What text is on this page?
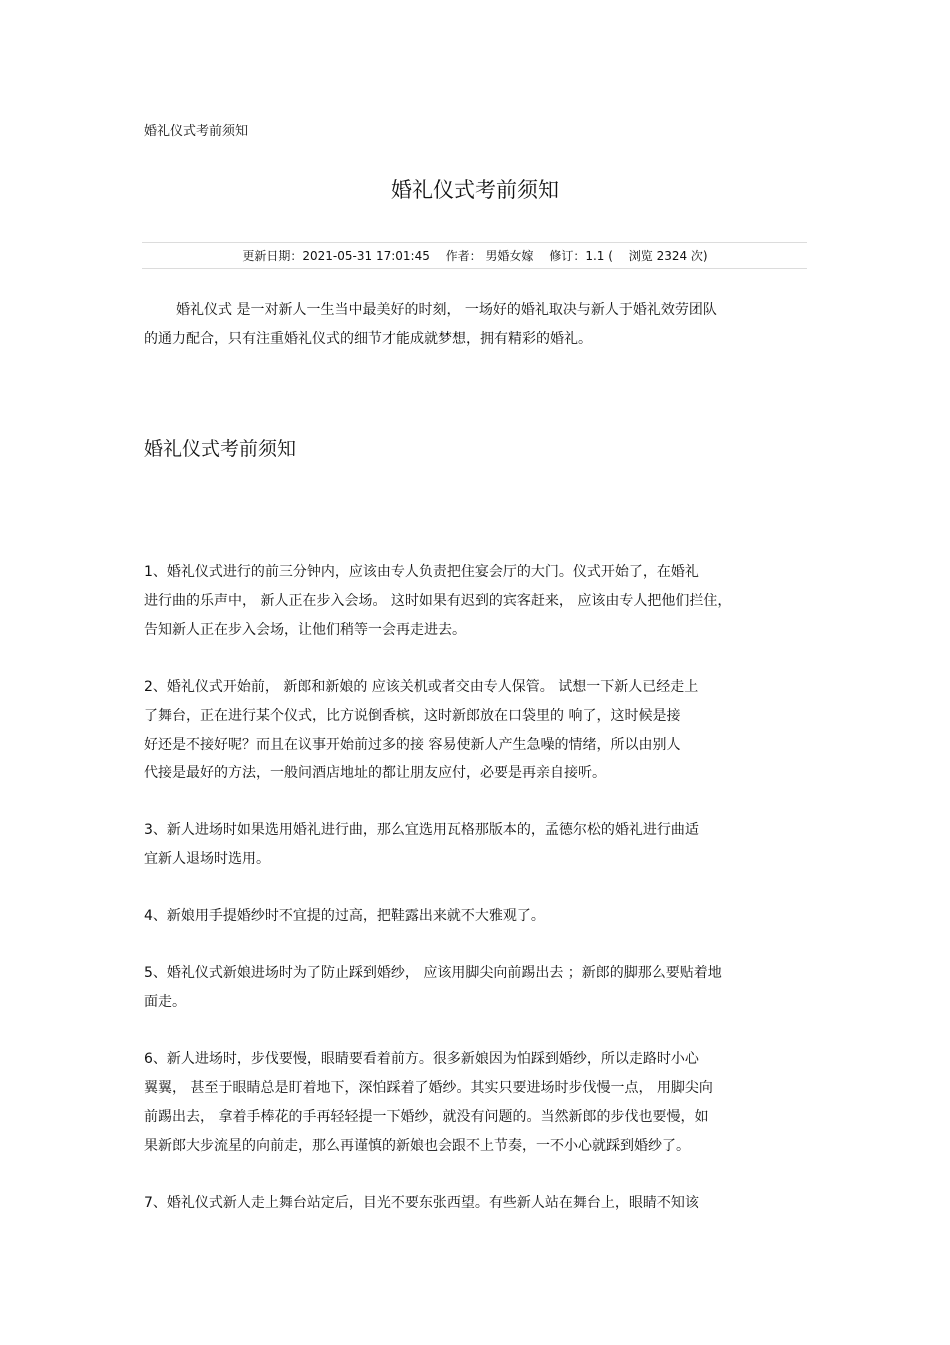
婚礼仪式考前须知
婚礼仪式考前须知
更新日期：2021-05-31 17:01:45 作者： 男婚女嫁 修订：1.1 ( 浏览 2324 次)
婚礼仪式 是一对新人一生当中最美好的时刻， 一场好的婚礼取决与新人于婚礼效劳团队
的通力配合，只有注重婚礼仪式的细节才能成就梦想，拥有精彩的婚礼。
婚礼仪式考前须知
1、婚礼仪式进行的前三分钟内，应该由专人负责把住宴会厅的大门。仪式开始了，在婚礼
进行曲的乐声中， 新人正在步入会场。 这时如果有迟到的宾客赶来， 应该由专人把他们拦住，
告知新人正在步入会场，让他们稍等一会再走进去。
2、婚礼仪式开始前， 新郎和新娘的 应该关机或者交由专人保管。 试想一下新人已经走上
了舞台，正在进行某个仪式，比方说倒香槟，这时新郎放在口袋里的 响了，这时候是接
好还是不接好呢？而且在议事开始前过多的接 容易使新人产生急噪的情绪，所以由别人
代接是最好的方法，一般问酒店地址的都让朋友应付，必要是再亲自接听。
3、新人进场时如果选用婚礼进行曲，那么宜选用瓦格那版本的，孟德尔松的婚礼进行曲适
宜新人退场时选用。
4、新娘用手提婚纱时不宜提的过高，把鞋露出来就不大雅观了。
5、婚礼仪式新娘进场时为了防止踩到婚纱， 应该用脚尖向前踢出去 ；新郎的脚那么要贴着地
面走。
6、新人进场时，步伐要慢，眼睛要看着前方。很多新娘因为怕踩到婚纱，所以走路时小心
翼翼， 甚至于眼睛总是盯着地下，深怕踩着了婚纱。其实只要进场时步伐慢一点， 用脚尖向
前踢出去， 拿着手棒花的手再轻轻提一下婚纱，就没有问题的。当然新郎的步伐也要慢，如
果新郎大步流星的向前走，那么再谨慎的新娘也会跟不上节奏，一不小心就踩到婚纱了。
7、婚礼仪式新人走上舞台站定后，目光不要东张西望。有些新人站在舞台上，眼睛不知该
